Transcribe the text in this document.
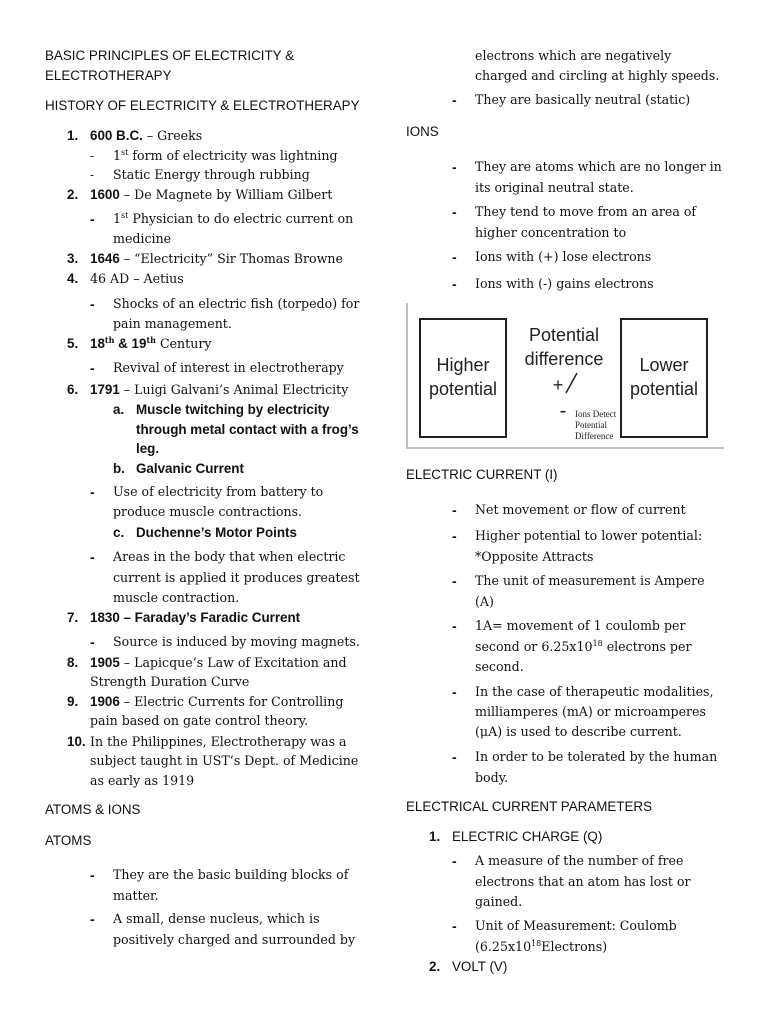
BASIC PRINCIPLES OF ELECTRICITY &
ELECTROTHERAPY
HISTORY OF ELECTRICITY & ELECTROTHERAPY
1. 600 B.C. – Greeks
- 1st form of electricity was lightning
- Static Energy through rubbing
2. 1600 – De Magnete by William Gilbert
- 1st Physician to do electric current on
medicine
3. 1646 – “Electricity” Sir Thomas Browne
4. 46 AD – Aetius
- Shocks of an electric fish (torpedo) for
pain management.
5. 18th & 19th Century
- Revival of interest in electrotherapy
6. 1791 – Luigi Galvani’s Animal Electricity
a. Muscle twitching by electricity
through metal contact with a frog’s
leg.
b. Galvanic Current
- Use of electricity from battery to
produce muscle contractions.
c. Duchenne’s Motor Points
- Areas in the body that when electric
current is applied it produces greatest
muscle contraction.
7. 1830 – Faraday’s Faradic Current
- Source is induced by moving magnets.
8. 1905 – Lapicque’s Law of Excitation and
Strength Duration Curve
9. 1906 – Electric Currents for Controlling
pain based on gate control theory.
10. In the Philippines, Electrotherapy was a
subject taught in UST’s Dept. of Medicine
as early as 1919
ATOMS & IONS
ATOMS
- They are the basic building blocks of
matter.
- A small, dense nucleus, which is
positively charged and surrounded by
electrons which are negatively
charged and circling at highly speeds.
- They are basically neutral (static)
IONS
- They are atoms which are no longer in
its original neutral state.
- They tend to move from an area of
higher concentration to
- Ions with (+) lose electrons
- Ions with (-) gains electrons
Higher
potential
Potential
difference
+
- Ions Detect
Potential
Difference
Lower
potential
ELECTRIC CURRENT (I)
- Net movement or flow of current
- Higher potential to lower potential:
*Opposite Attracts
- The unit of measurement is Ampere
(A)
- 1A= movement of 1 coulomb per
second or $6.25x10^{18}$ electrons per
second.
- In the case of therapeutic modalities,
milliamperes (mA) or microamperes
(μA) is used to describe current.
- In order to be tolerated by the human
body.
ELECTRICAL CURRENT PARAMETERS
1. ELECTRIC CHARGE (Q)
- A measure of the number of free
electrons that an atom has lost or
gained.
- Unit of Measurement: Coulomb
$(6.25x10^{18}Electrons)$
2. VOLT (V)
